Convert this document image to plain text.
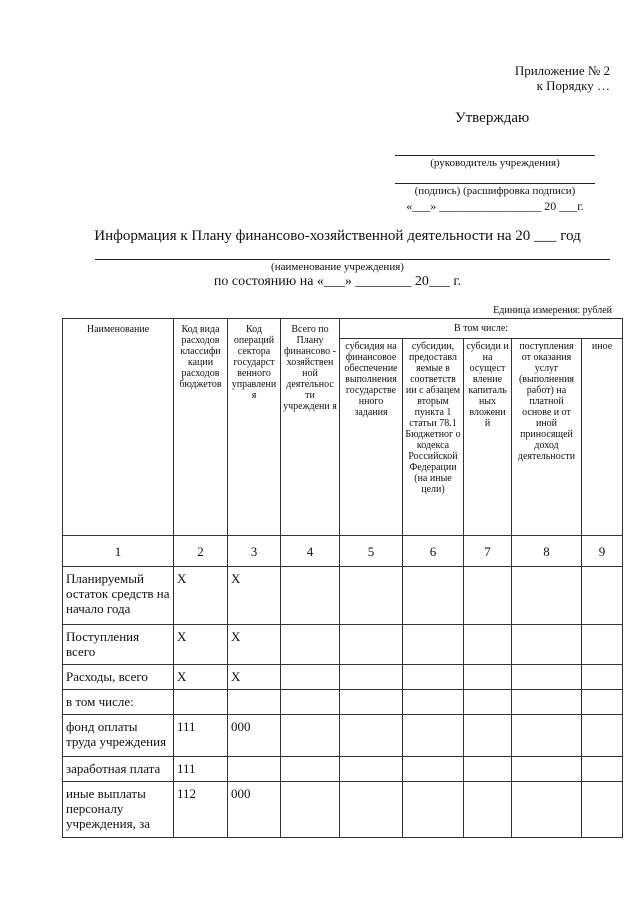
Приложение № 2
к Порядку …
Утверждаю
(руководитель учреждения)
(подпись) (расшифровка подписи)
«___» _________________ 20 ___г.
Информация к Плану финансово-хозяйственной деятельности на 20 ___ год
(наименование учреждения)
по состоянию на «___» ________ 20___ г.
Единица измерения: рублей
Наименование	Код вида расходов классифи кации расходов бюджетов	Код операций сектора государст венного управлени я	Всего по Плану финансово - хозяйствен ной деятельнос ти учреждени я	В том числе:				
				субсидия на финансовое обеспечение выполнения государстве нного задания	субсидии, предоставл яемые в соответств ии с абзацем вторым пункта 1 статьи 78.1 Бюджетног о кодекса Российской Федерации (на иные цели)	субсиди и на осущест вление капиталь ных вложени й	поступления от оказания услуг (выполнения работ) на платной основе и от иной приносящей доход деятельности	иное
1	2	3	4	5	6	7	8	9
Планируемый остаток средств на начало года	X	X						
Поступления всего	X	X						
Расходы, всего	X	X						
в том числе:								
фонд оплаты труда учреждения	111	000						
заработная плата	111							
иные выплаты персоналу учреждения, за	112	000						
